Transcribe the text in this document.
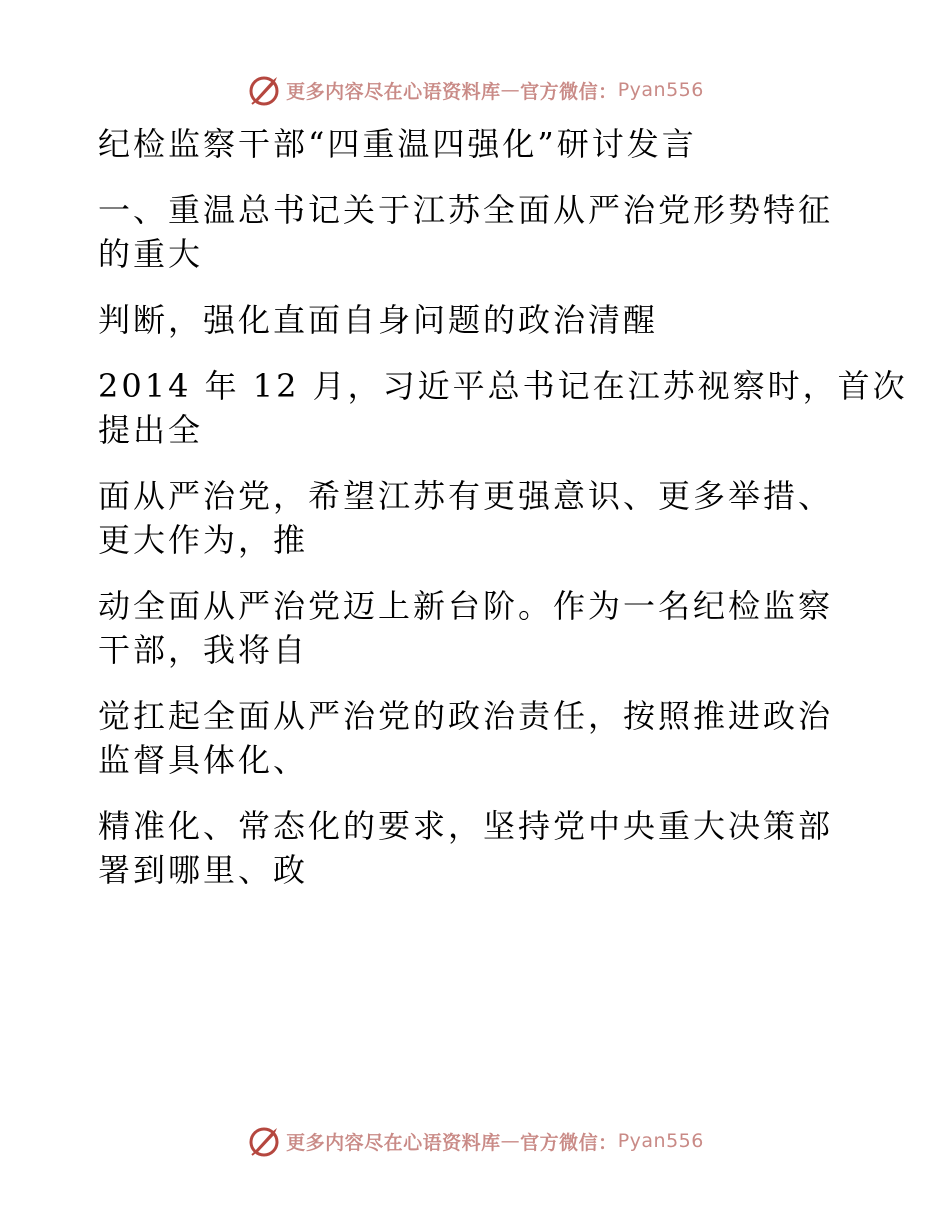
更多内容尽在心语资料库 — 官方微信： Pyan556

纪检监察干部“四重温四强化”研讨发言

一、重温总书记关于江苏全面从严治党形势特征
的重大

判断，强化直面自身问题的政治清醒

2014 年 12 月，习近平总书记在江苏视察时，首次
提出全

面从严治党，希望江苏有更强意识、更多举措、
更大作为，推

动全面从严治党迈上新台阶。作为一名纪检监察
干部，我将自

觉扛起全面从严治党的政治责任，按照推进政治
监督具体化、

精准化、常态化的要求，坚持党中央重大决策部
署到哪里、政

更多内容尽在心语资料库 — 官方微信： Pyan556
